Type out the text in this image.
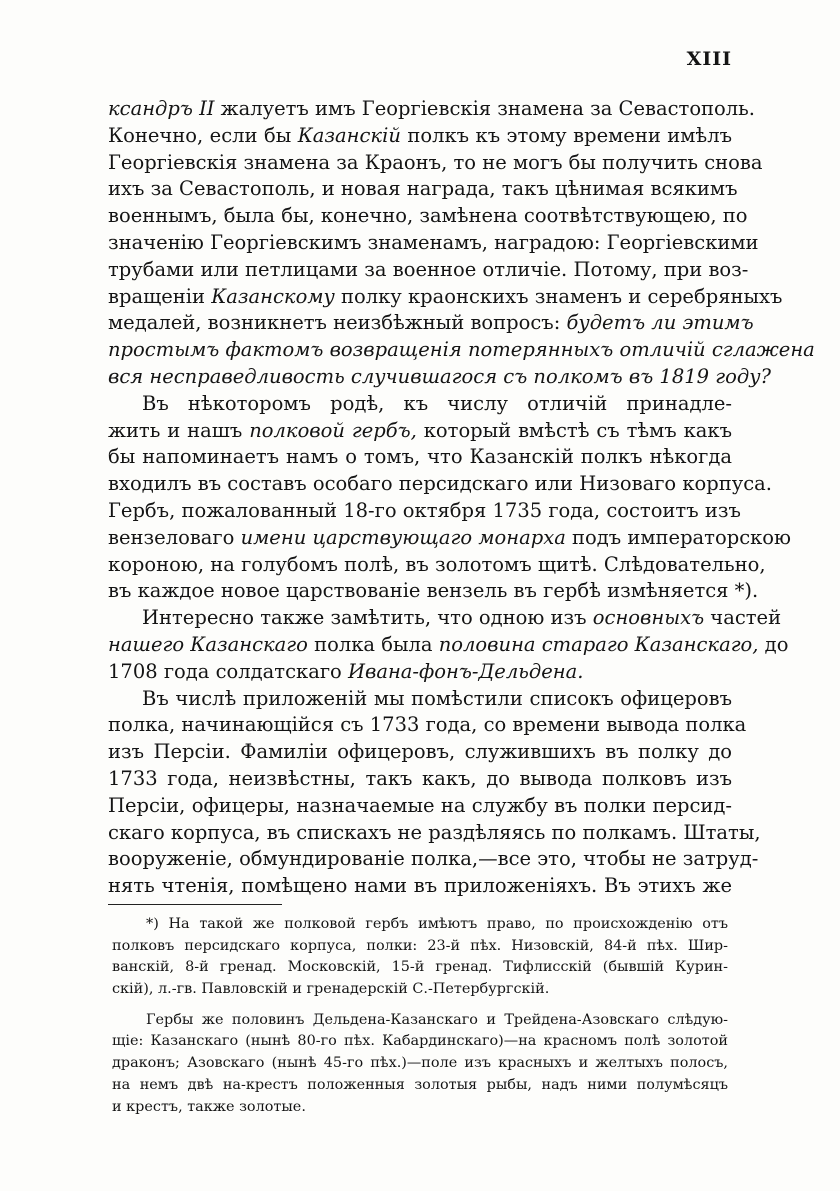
XIII
ксандръ II жалуетъ имъ Георгіевскія знамена за Севастополь.
Конечно, если бы Казанскій полкъ къ этому времени имѣлъ
Георгіевскія знамена за Краонъ, то не могъ бы получить снова
ихъ за Севастополь, и новая награда, такъ цѣнимая всякимъ
военнымъ, была бы, конечно, замѣнена соотвѣтствующею, по
значенію Георгіевскимъ знаменамъ, наградою: Георгіевскими
трубами или петлицами за военное отличіе. Потому, при воз-
вращеніи Казанскому полку краонскихъ знаменъ и серебряныхъ
медалей, возникнетъ неизбѣжный вопросъ: будетъ ли этимъ
простымъ фактомъ возвращенія потерянныхъ отличій сглажена
вся несправедливость случившагося съ полкомъ въ 1819 году?
Въ нѣкоторомъ родѣ, къ числу отличій принадле-
жить и нашъ полковой гербъ, который вмѣстѣ съ тѣмъ какъ
бы напоминаетъ намъ о томъ, что Казанскій полкъ нѣкогда
входилъ въ составъ особаго персидскаго или Низоваго корпуса.
Гербъ, пожалованный 18-го октября 1735 года, состоитъ изъ
вензеловаго имени царствующаго монарха подъ императорскою
короною, на голубомъ полѣ, въ золотомъ щитѣ. Слѣдовательно,
въ каждое новое царствованіе вензель въ гербѣ измѣняется *).
Интересно также замѣтить, что одною изъ основныхъ частей
нашего Казанскаго полка была половина стараго Казанскаго, до
1708 года солдатскаго Ивана-фонъ-Дельдена.
Въ числѣ приложеній мы помѣстили списокъ офицеровъ
полка, начинающійся съ 1733 года, со времени вывода полка
изъ Персіи. Фамиліи офицеровъ, служившихъ въ полку до
1733 года, неизвѣстны, такъ какъ, до вывода полковъ изъ
Персіи, офицеры, назначаемые на службу въ полки персид-
скаго корпуса, въ спискахъ не раздѣляясь по полкамъ. Штаты,
вооруженіе, обмундированіе полка,—все это, чтобы не затруд-
нять чтенія, помѣщено нами въ приложеніяхъ. Въ этихъ же
*) На такой же полковой гербъ имѣютъ право, по происхожденію отъ
полковъ персидскаго корпуса, полки: 23-й пѣх. Низовскій, 84-й пѣх. Шир-
ванскій, 8-й гренад. Московскій, 15-й гренад. Тифлисскій (бывшій Курин-
скій), л.-гв. Павловскій и гренадерскій С.-Петербургскій.
Гербы же половинъ Дельдена-Казанскаго и Трейдена-Азовскаго слѣдую-
щіе: Казанскаго (нынѣ 80-го пѣх. Кабардинскаго)—на красномъ полѣ золотой
драконъ; Азовскаго (нынѣ 45-го пѣх.)—поле изъ красныхъ и желтыхъ полосъ,
на немъ двѣ на-крестъ положенныя золотыя рыбы, надъ ними полумѣсяцъ
и крестъ, также золотые.
